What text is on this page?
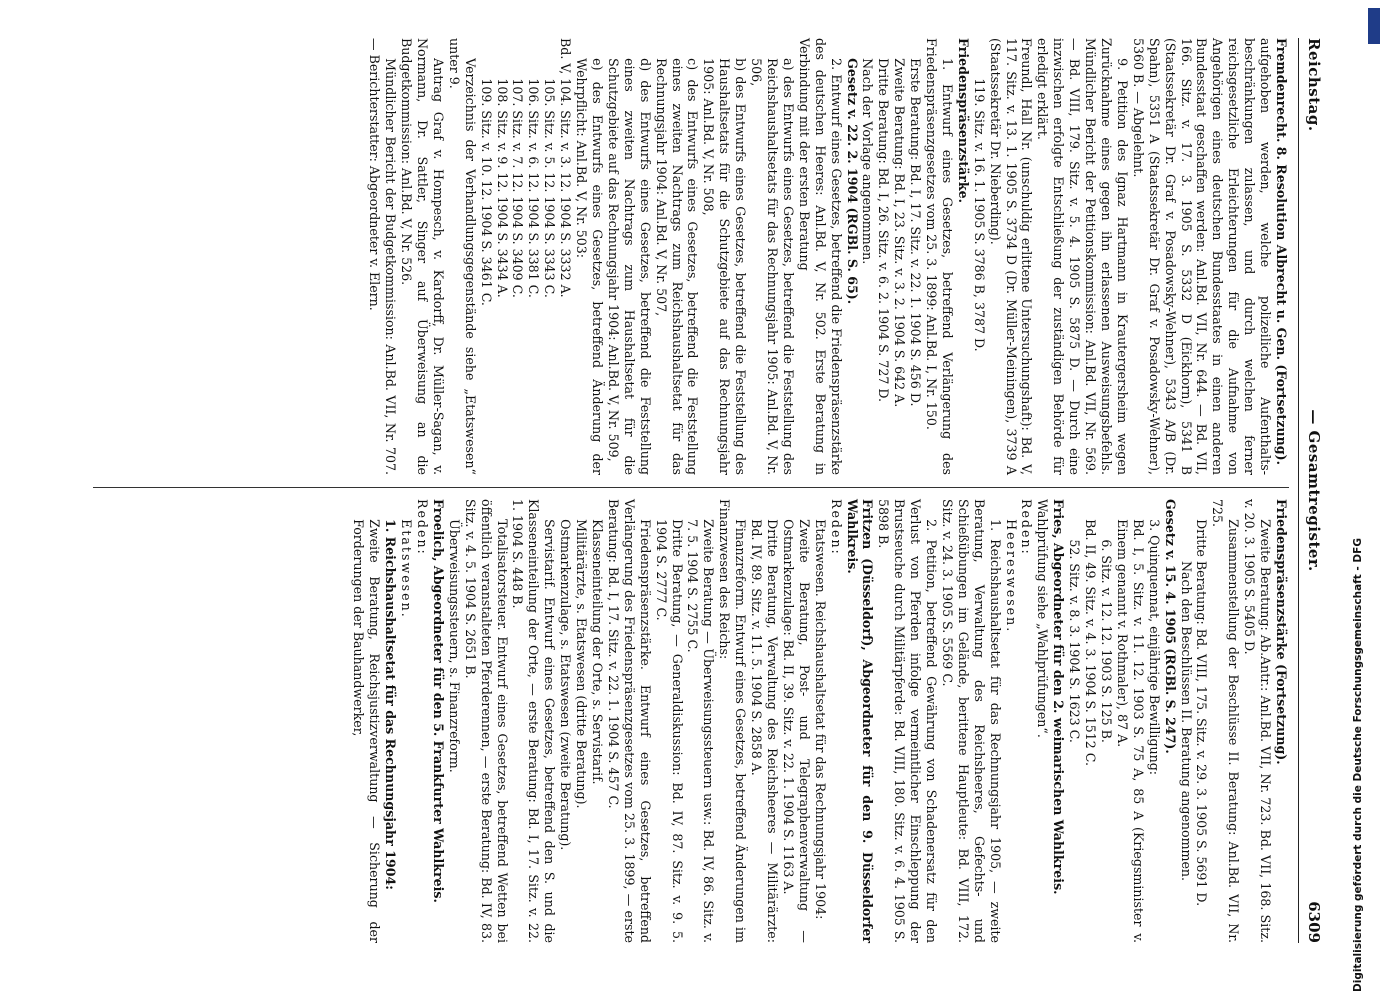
Reichstag.
— Gesamtregister.
6309

Fremdenrecht. 8. Resolution Albrecht u. Gen. (Fortsetzung).

aufgehoben werden, welche polizeiliche Aufenthalts-beschränkungen zulassen, und durch welchen ferner reichsgesetzliche Erleichterungen für die Aufnahme von Angehörigen eines deutschen Bundesstaates in einen anderen Bundesstaat geschaffen werden: Anl.Bd. VII, Nr. 644. — Bd. VII, 166. Sitz. v. 17. 3. 1905 S. 5332 D (Eickhorn), 5341 B (Staatssekretär Dr. Graf v. Posadowsky-Wehner), 5343 A/B (Dr. Spahn), 5351 A (Staatssekretär Dr. Graf v. Posadowsky-Wehner), 5360 B. — Abgelehnt.

9. Petition des Ignaz Hartmann in Krautergersheim wegen Zurücknahme eines gegen ihn erlassenen Ausweisungsbefehls. Mündlicher Bericht der Petitionskommission: Anl.Bd. VII, Nr. 569. — Bd. VIII, 179. Sitz. v. 5. 4. 1905 S. 5875 D. — Durch eine inzwischen erfolgte Entschließung der zuständigen Behörde für erledigt erklärt.

Freundl, Hall Nr. (unschuldig erlittene Untersuchungshaft): Bd. V, 117. Sitz. v. 13. 1. 1905 S. 3734 D (Dr. Müller-Meiningen), 3739 A (Staatssekretär Dr. Nieberding).

119. Sitz. v. 16. 1. 1905 S. 3786 B, 3787 D.

Friedenspräsenzstärke.

1. Entwurf eines Gesetzes, betreffend Verlängerung des Friedenspräsenzgesetzes vom 25. 3. 1899: Anl.Bd. I, Nr. 150.

Erste Beratung: Bd. I, 17. Sitz. v. 22. 1. 1904 S. 456 D.

Zweite Beratung: Bd. I, 23. Sitz. v. 3. 2. 1904 S. 642 A.

Dritte Beratung: Bd. I, 26. Sitz. v. 6. 2. 1904 S. 727 D.

Nach der Vorlage angenommen.

Gesetz v. 22. 2. 1904 (RGBl. S. 65).

2. Entwurf eines Gesetzes, betreffend die Friedenspräsenzstärke des deutschen Heeres: Anl.Bd. V, Nr. 502. Erste Beratung in Verbindung mit der ersten Beratung

a) des Entwurfs eines Gesetzes, betreffend die Feststellung des Reichshaushaltsetats für das Rechnungsjahr 1905: Anl.Bd. V, Nr. 506,

b) des Entwurfs eines Gesetzes, betreffend die Feststellung des Haushaltsetats für die Schutzgebiete auf das Rechnungsjahr 1905: Anl.Bd. V, Nr. 508,

c) des Entwurfs eines Gesetzes, betreffend die Feststellung eines zweiten Nachtrags zum Reichshaushaltsetat für das Rechnungsjahr 1904: Anl.Bd. V, Nr. 507,

d) des Entwurfs eines Gesetzes, betreffend die Feststellung eines zweiten Nachtrags zum Haushaltsetat für die Schutzgebiete auf das Rechnungsjahr 1904: Anl.Bd. V, Nr. 509,

e) des Entwurfs eines Gesetzes, betreffend Änderung der Wehrpflicht: Anl.Bd. V, Nr. 503:

Bd. V, 104. Sitz. v. 3. 12. 1904 S. 3332 A.

105. Sitz. v. 5. 12. 1904 S. 3343 C.

106. Sitz. v. 6. 12. 1904 S. 3381 C.

107. Sitz. v. 7. 12. 1904 S. 3409 C.

108. Sitz. v. 9. 12. 1904 S. 3434 A.

109. Sitz. v. 10. 12. 1904 S. 3461 C.

Verzeichnis der Verhandlungsgegenstände siehe „Etatswesen“ unter 9.

Antrag Graf v. Hompesch, v. Kardorff, Dr. Müller-Sagan, v. Normann, Dr. Sattler, Singer auf Überweisung an die Budgetkommission: Anl.Bd. V, Nr. 526.

Mündlicher Bericht der Budgetkommission: Anl.Bd. VII, Nr. 707. — Berichterstatter: Abgeordneter v. Elern.

Friedenspräsenzstärke (Fortsetzung).

Zweite Beratung: Ab.Antr.: Anl.Bd. VII, Nr. 723. Bd. VII, 168. Sitz. v. 20. 3. 1905 S. 5405 D.

Zusammenstellung der Beschlüsse II. Beratung: Anl.Bd. VII, Nr. 725.

Dritte Beratung: Bd. VIII, 175. Sitz. v. 29. 3. 1905 S. 5691 D.

Nach den Beschlüssen II. Beratung angenommen.

Gesetz v. 15. 4. 1905 (RGBl. S. 247).

3. Quinquennat, einjährige Bewilligung:

Bd. I, 5. Sitz. v. 11. 12. 1903 S. 75 A, 85 A (Kriegsminister v. Einem genannt v. Rothmaler), 87 A.

6. Sitz. v. 12. 12. 1903 S. 125 B.

Bd. II, 49. Sitz. v. 4. 3. 1904 S. 1512 C.

52. Sitz. v. 8. 3. 1904 S. 1623 C.

Fries, Abgeordneter für den 2. weimarischen Wahlkreis.

Wahlprüfung siehe „Wahlprüfungen“.

Reden:

Heereswesen.

1. Reichshaushaltsetat für das Rechnungsjahr 1905, — zweite Beratung, Verwaltung des Reichsheeres, Gefechts- und Schießübungen im Gelände, berittene Hauptleute: Bd. VIII, 172. Sitz. v. 24. 3. 1905 S. 5569 C.

2. Petition, betreffend Gewährung von Schadenersatz für den Verlust von Pferden infolge vermeintlicher Einschleppung der Brustseuche durch Militärpferde: Bd. VIII, 180. Sitz. v. 6. 4. 1905 S. 5898 B.

Fritzen (Düsseldorf), Abgeordneter für den 9. Düsseldorfer Wahlkreis.

Reden:

Etatswesen. Reichshaushaltsetat für das Rechnungsjahr 1904:

Zweite Beratung, Post- und Telegraphenverwaltung — Ostmarkenzulage: Bd. II, 39. Sitz. v. 22. 1. 1904 S. 1163 A.

Dritte Beratung, Verwaltung des Reichsheeres — Militärärzte: Bd. IV, 89. Sitz. v. 11. 5. 1904 S. 2858 A.

Finanzreform. Entwurf eines Gesetzes, betreffend Änderungen im Finanzwesen des Reichs:

Zweite Beratung — Überweisungssteuern usw.: Bd. IV, 86. Sitz. v. 7. 5. 1904 S. 2755 C.

Dritte Beratung, — Generaldiskussion: Bd. IV, 87. Sitz. v. 9. 5. 1904 S. 2777 C.

Friedenspräsenzstärke. Entwurf eines Gesetzes, betreffend Verlängerung des Friedenspräsenzgesetzes vom 25. 3. 1899, — erste Beratung: Bd. I, 17. Sitz. v. 22. 1. 1904 S. 457 C.

Klasseneinteilung der Orte, s. Servistarif.

Militärärzte, s. Etatswesen (dritte Beratung).

Ostmarkenzulage, s. Etatswesen (zweite Beratung).

Servistarif. Entwurf eines Gesetzes, betreffend den S. und die Klasseneinteilung der Orte, — erste Beratung: Bd. I, 17. Sitz. v. 22. 1. 1904 S. 448 B.

Totalisatorsteuer. Entwurf eines Gesetzes, betreffend Wetten bei öffentlich veranstalteten Pferderennen, — erste Beratung: Bd. IV, 83. Sitz. v. 4. 5. 1904 S. 2651 B.

Überweisungssteuern, s. Finanzreform.

Froelich, Abgeordneter für den 5. Frankfurter Wahlkreis.

Reden:

Etatswesen.

1. Reichshaushaltsetat für das Rechnungsjahr 1904:

Zweite Beratung, Reichsjustizverwaltung — Sicherung der Forderungen der Bauhandwerker,	Digitalisierung gefördert durch die Deutsche Forschungsgemeinschaft - DFG
DFG
